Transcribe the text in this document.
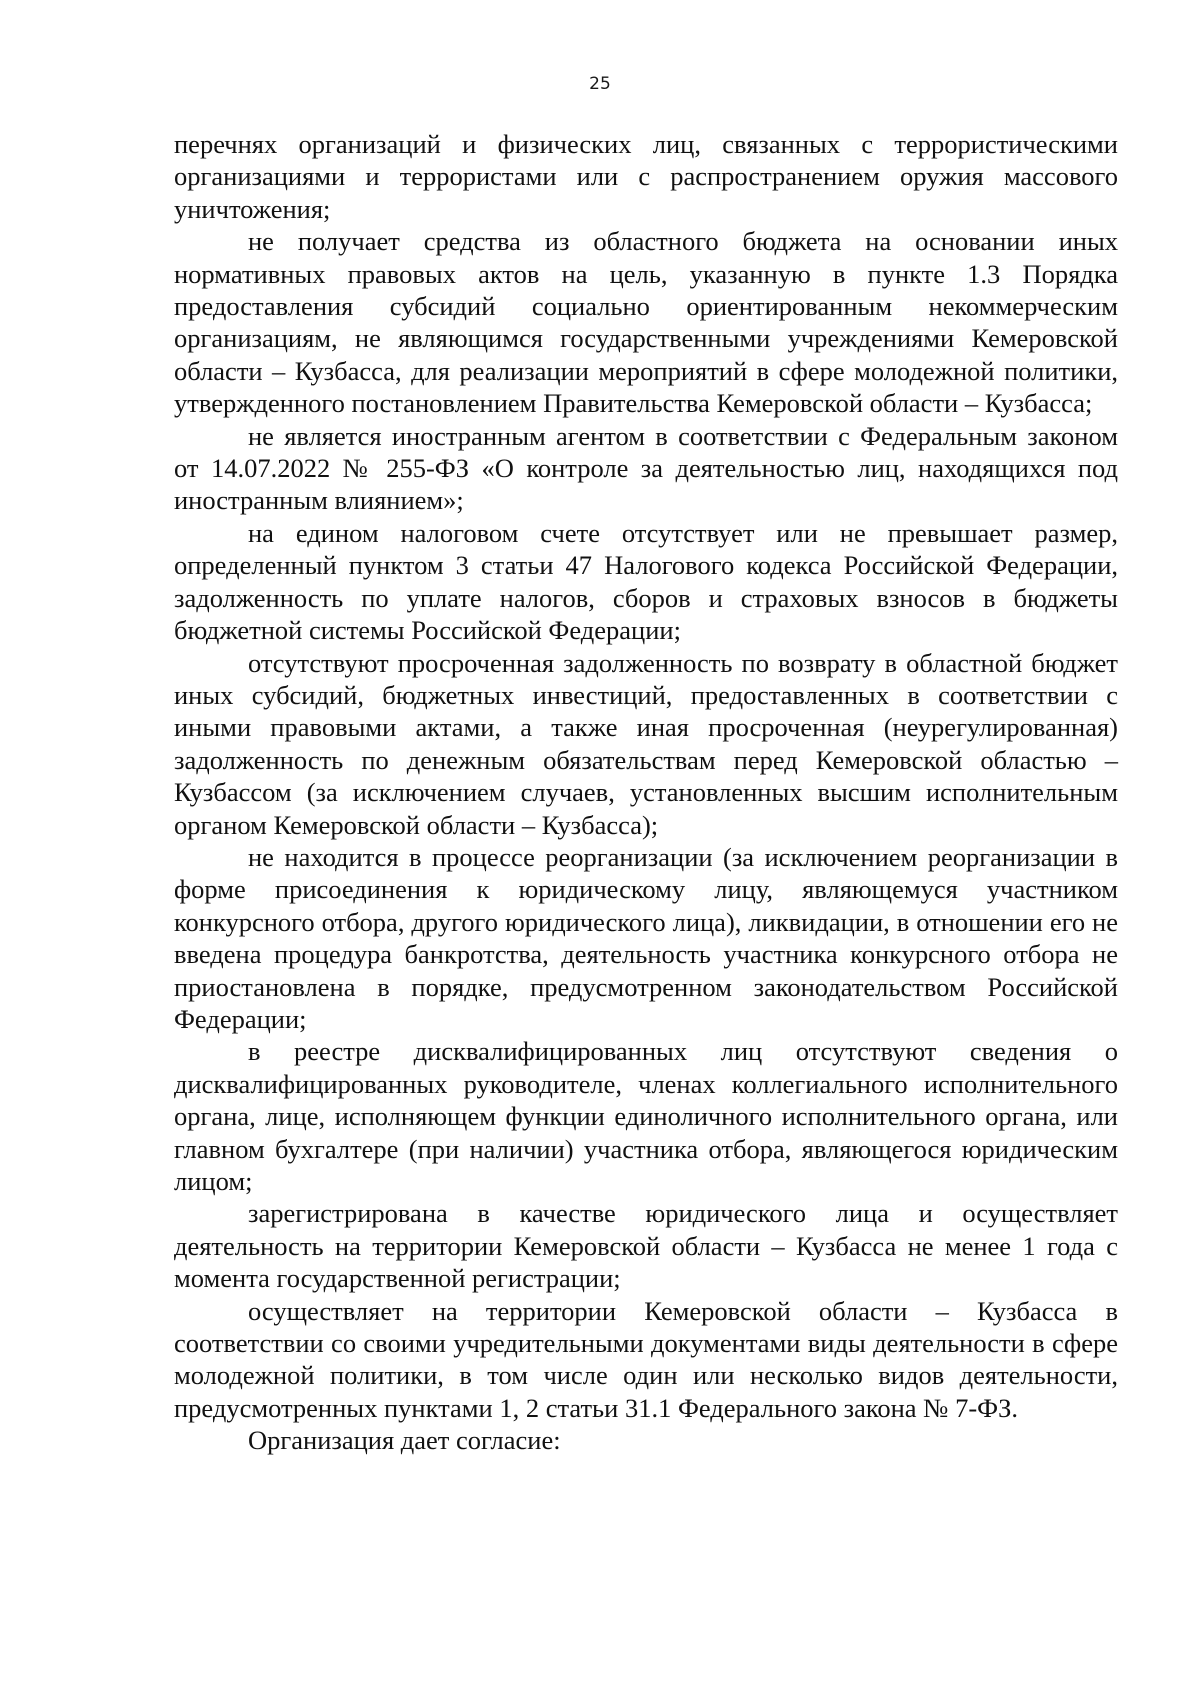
25

перечнях организаций и физических лиц, связанных с террористическими организациями и террористами или с распространением оружия массового уничтожения;

не получает средства из областного бюджета на основании иных нормативных правовых актов на цель, указанную в пункте 1.3 Порядка предоставления субсидий социально ориентированным некоммерческим организациям, не являющимся государственными учреждениями Кемеровской области – Кузбасса, для реализации мероприятий в сфере молодежной политики, утвержденного постановлением Правительства Кемеровской области – Кузбасса;

не является иностранным агентом в соответствии с Федеральным законом от 14.07.2022 № 255-ФЗ «О контроле за деятельностью лиц, находящихся под иностранным влиянием»;

на едином налоговом счете отсутствует или не превышает размер, определенный пунктом 3 статьи 47 Налогового кодекса Российской Федерации, задолженность по уплате налогов, сборов и страховых взносов в бюджеты бюджетной системы Российской Федерации;

отсутствуют просроченная задолженность по возврату в областной бюджет иных субсидий, бюджетных инвестиций, предоставленных в соответствии с иными правовыми актами, а также иная просроченная (неурегулированная) задолженность по денежным обязательствам перед Кемеровской областью – Кузбассом (за исключением случаев, установленных высшим исполнительным органом Кемеровской области – Кузбасса);

не находится в процессе реорганизации (за исключением реорганизации в форме присоединения к юридическому лицу, являющемуся участником конкурсного отбора, другого юридического лица), ликвидации, в отношении его не введена процедура банкротства, деятельность участника конкурсного отбора не приостановлена в порядке, предусмотренном законодательством Российской Федерации;

в реестре дисквалифицированных лиц отсутствуют сведения о дисквалифицированных руководителе, членах коллегиального исполнительного органа, лице, исполняющем функции единоличного исполнительного органа, или главном бухгалтере (при наличии) участника отбора, являющегося юридическим лицом;

зарегистрирована в качестве юридического лица и осуществляет деятельность на территории Кемеровской области – Кузбасса не менее 1 года с момента государственной регистрации;

осуществляет на территории Кемеровской области – Кузбасса в соответствии со своими учредительными документами виды деятельности в сфере молодежной политики, в том числе один или несколько видов деятельности, предусмотренных пунктами 1, 2 статьи 31.1 Федерального закона № 7-ФЗ.

Организация дает согласие:
